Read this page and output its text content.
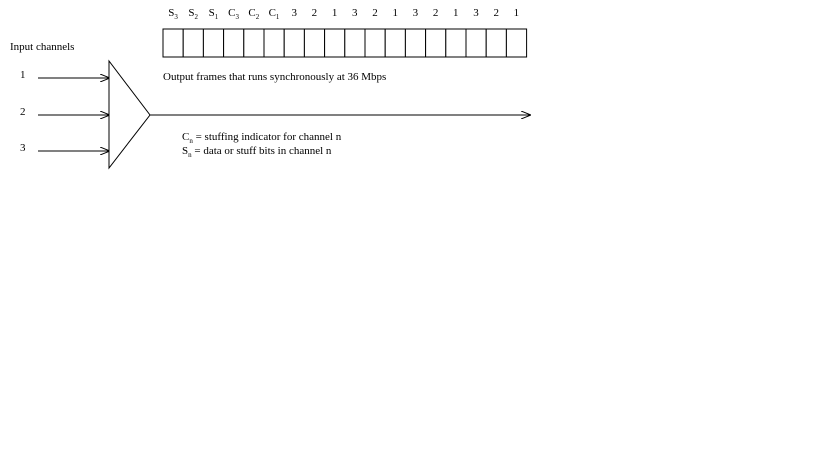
Input channels
1
2
3
$S_3$ $S_2$ $S_1$ $C_3$ $C_2$ $C_1$	3	2	1	3	2	1	3	2	1	3	2	1
Output frames that runs synchronously at 36 Mbps
$C_n$ = stuffing indicator for channel n
$S_n$ = data or stuff bits in channel n
